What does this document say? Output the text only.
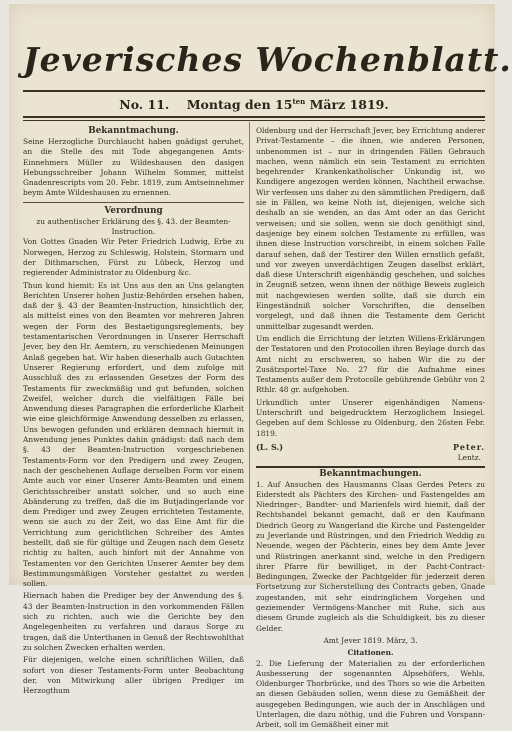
Jeverisches Wochenblatt.
No. 11. Montag den $15^{ten}$ März 1819.

Bekanntmachung.

Seine Herzogliche Durchlaucht haben gnädigst geruhet, an die Stelle des mit Tode abgegangenen Amts-Einnehmers Müller zu Wildeshausen den dasigen Hebungsschreiber Johann Wilhelm Sommer, mittelst Gnadenrescripts vom 20. Febr. 1819, zum Amtseinnehmer beym Amte Wildeshausen zu ernennen.

Verordnung

zu authentischer Erklärung des §. 43. der Beamten-Instruction.

Von Gottes Gnaden Wir Peter Friedrich Ludwig, Erbe zu Norwegen, Herzog zu Schleswig, Holstein, Stormarn und der Dithmarschen, Fürst zu Lübeck, Herzog und regierender Administrator zu Oldenburg &c.

Thun kund hiemit: Es ist Uns aus den an Uns gelangten Berichten Unserer hohen Justiz-Behörden ersehen haben, daß der §. 43 der Beamten-Instruction, hinsichtlich der, als mittelst eines von den Beamten vor mehreren Jahren wegen der Form des Bestaetigungsreglements, bey testamentarischen Verordnungen in Unserer Herrschaft Jever, bey den Hr. Aemtern, zu verschiedenen Meinungen Anlaß gegeben hat. Wir haben dieserhalb auch Gutachten Unserer Regierung erfordert, und dem zufolge mit Ausschluß des zu erlassenden Gesetzes der Form des Testaments für zweckmäßig und gut befunden, solchen Zweifel, welcher durch die vielfältigen Fälle bei Anwendung dieses Paragraphen die erforderliche Klarheit wie eine gleichförmige Anwendung desselben zu erlassen, Uns bewogen gefunden und erklären demnach hiermit in Anwendung jenes Punktes dahin gnädigst: daß nach dem §. 43 der Beamten-Instruction vorgeschriebenen Testaments-Form vor den Predigern und zwey Zeugen, nach der geschehenen Auflage derselben Form vor einem Amte auch vor einer Unserer Amts-Beamten und einem Gerichtsschreiber anstatt solcher, und so auch eine Abänderung zu treffen, daß die im Butjadingerlande vor dem Prediger und zwey Zeugen errichteten Testamente, wenn sie auch zu der Zeit, wo das Eine Amt für die Verrichtung zum gerichtlichen Schreiber des Amtes bestellt, daß sie für gültige und Zeugen nach dem Gesetz richtig zu halten, auch hinfort mit der Annahme von Testamenten vor den Gerichten Unserer Aemter bey dem Bestimmungsmäßigen Vorsteher gestattet zu werden sollen.

Hiernach haben die Prediger bey der Anwendung des §. 43 der Beamten-Instruction in den vorkommenden Fällen sich zu richten, auch wie die Gerichte bey den Angelegenheiten zu verfahren und daraus Sorge zu tragen, daß die Unterthanen in Genuß der Rechtswohlthat zu solchen Zwecken erhalten werden.

Für diejenigen, welche einen schriftlichen Willen, daß sofort von dieser Testaments-Form unter Beobachtung der, von Mitwirkung aller übrigen Prediger im Herzogthum

Oldenburg und der Herrschaft Jever, bey Errichtung anderer Privat-Testamente – die ihnen, wie anderen Personen, unbenommen ist – nur in dringenden Fällen Gebrauch machen, wenn nämlich ein sein Testament zu errichten begehrender Krankenkatholischer Unkundig ist, wo Kundigere angezogen werden können, Nachtheil erwachse. Wir verfessen uns daher zu den sämmtlichen Predigern, daß sie in Fällen, wo keine Noth ist, diejenigen, welche sich deshalb an sie wenden, an das Amt oder an das Gericht verweisen; und sie sollen, wenn sie doch genöthigt sind, dasjenige bey einem solchen Testamente zu erfüllen, was ihnen diese Instruction vorschreibt, in einem solchen Falle darauf sehen, daß der Testirer den Willen ernstlich gefaßt, und vor zweyen unverdächtigen Zeugen daselbst erklärt, daß diese Unterschrift eigenhändig geschehen, und solches in Zeugniß setzen, wenn ihnen der nöthige Beweis zugleich mit nachgewiesen werden sollte, daß sie durch ein Eingeständniß solcher Vorschriften, die denselben vorgelegt, und daß ihnen die Testamente dem Gericht unmittelbar zugesandt werden.

Um endlich die Errichtung der letzten Willens-Erklärungen der Testatoren und den Protocollen ihren Beylage durch das Amt nicht zu erschweren, so haben Wir die zu der Zusätzsportel-Taxe No. 27 für die Aufnahme eines Testaments außer dem Protocolle gebührende Gebühr von 2 Rthlr. 48 gr. aufgehoben.

Urkundlich unter Unserer eigenhändigen Namens-Unterschrift und beigedrucktem Herzoglichem Insiegel. Gegeben auf dem Schlosse zu Oldenburg, den 26sten Febr. 1819.

(L. S.)	Peter.

Lentz.

Bekanntmachungen.

1. Auf Ansuchen des Hausmanns Claas Gerdes Peters zu Eiderstedt als Pächters des Kirchen- und Fastengeldes am Niedringer-, Bandter- und Marienfels wird hiemit, daß der Rechtshandel bekannt gemacht, daß er den Kaufmann Diedrich Georg zu Wangerland die Kirche und Fastengelder zu Jeverlande und Rüstringen, und den Friedrich Weddig zu Neuende, wegen der Pächterin, eines bey dem Amte Jever und Rüstringen anerkannt sind, welche in den Predigern ihrer Pfarre für bewilliget, in der Pacht-Contract-Bedingungen, Zwecke der Pachtgelder für jederzeit deren Fortsetzung zur Sicherstellung des Contracts geben, Gnade zugestanden, mit sehr eindringlichem Vorgehen und geziemender Vermögens-Mancher mit Ruhe, sich aus diesem Grunde zugleich als die Schuldigkeit, bis zu dieser Gelder.

Amt Jever 1819. März, 3.

Citationen.

2. Die Lieferung der Materialien zu der erforderlichen Ausbesserung der sogenannten Alpsehöfers, Wehls, Oldenburger Thorbrücke, und des Thors so wie die Arbeiten an diesen Gebäuden sollen, wenn diese zu Gemäßheit der ausgegeben Bedingungen, wie auch der in Anschlägen und Unterlagen, die dazu nöthig, und die Fuhren und Vorspann-Arbeit, soll im Gemäßheit einer mit
